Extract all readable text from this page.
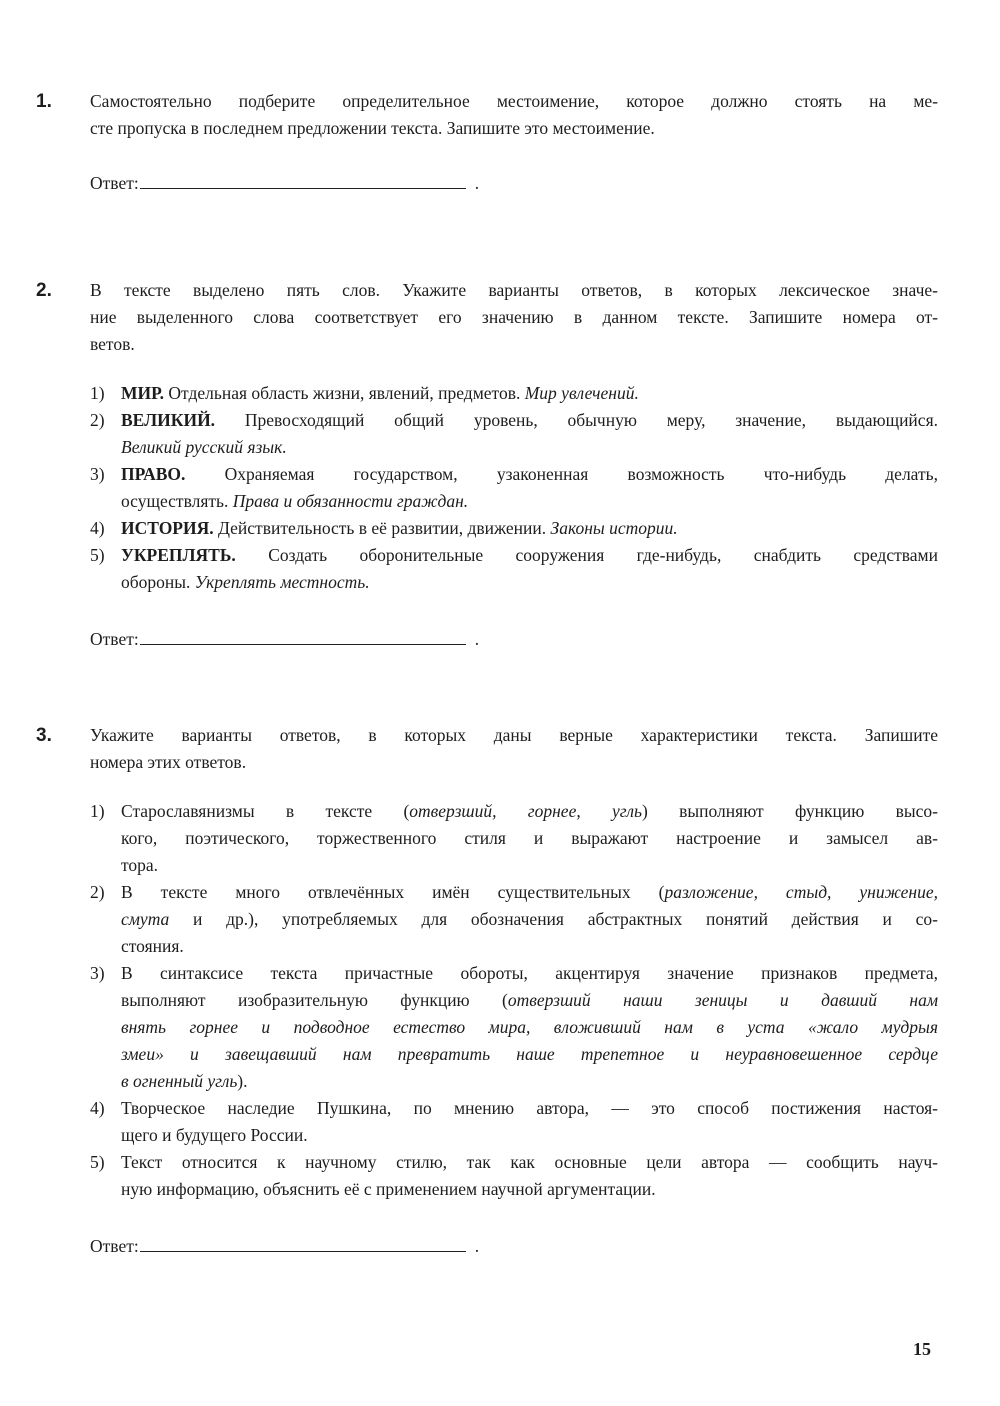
1. Самостоятельно подберите определительное местоимение, которое должно стоять на ме-
сте пропуска в последнем предложении текста. Запишите это местоимение.
Ответ:	.
2. В тексте выделено пять слов. Укажите варианты ответов, в которых лексическое значе-
ние выделенного слова соответствует его значению в данном тексте. Запишите номера от-
ветов.
1) МИР. Отдельная область жизни, явлений, предметов. Мир увлечений.
2) ВЕЛИКИЙ. Превосходящий общий уровень, обычную меру, значение, выдающийся.
Великий русский язык.
3) ПРАВО. Охраняемая государством, узаконенная возможность что-нибудь делать,
осуществлять. Права и обязанности граждан.
4) ИСТОРИЯ. Действительность в её развитии, движении. Законы истории.
5) УКРЕПЛЯТЬ. Создать оборонительные сооружения где-нибудь, снабдить средствами
обороны. Укреплять местность.
Ответ:	.
3. Укажите варианты ответов, в которых даны верные характеристики текста. Запишите
номера этих ответов.
1) Старославянизмы в тексте (отверзший, горнее, угль) выполняют функцию высо-
кого, поэтического, торжественного стиля и выражают настроение и замысел ав-
тора.
2) В тексте много отвлечённых имён существительных (разложение, стыд, унижение,
смута и др.), употребляемых для обозначения абстрактных понятий действия и со-
стояния.
3) В синтаксисе текста причастные обороты, акцентируя значение признаков предмета,
выполняют изобразительную функцию (отверзший наши зеницы и давший нам
внять горнее и подводное естество мира, вложивший нам в уста «жало мудрыя
змеи» и завещавший нам превратить наше трепетное и неуравновешенное сердце
в огненный угль).
4) Творческое наследие Пушкина, по мнению автора, — это способ постижения настоя-
щего и будущего России.
5) Текст относится к научному стилю, так как основные цели автора — сообщить науч-
ную информацию, объяснить её с применением научной аргументации.
Ответ:	.
15
